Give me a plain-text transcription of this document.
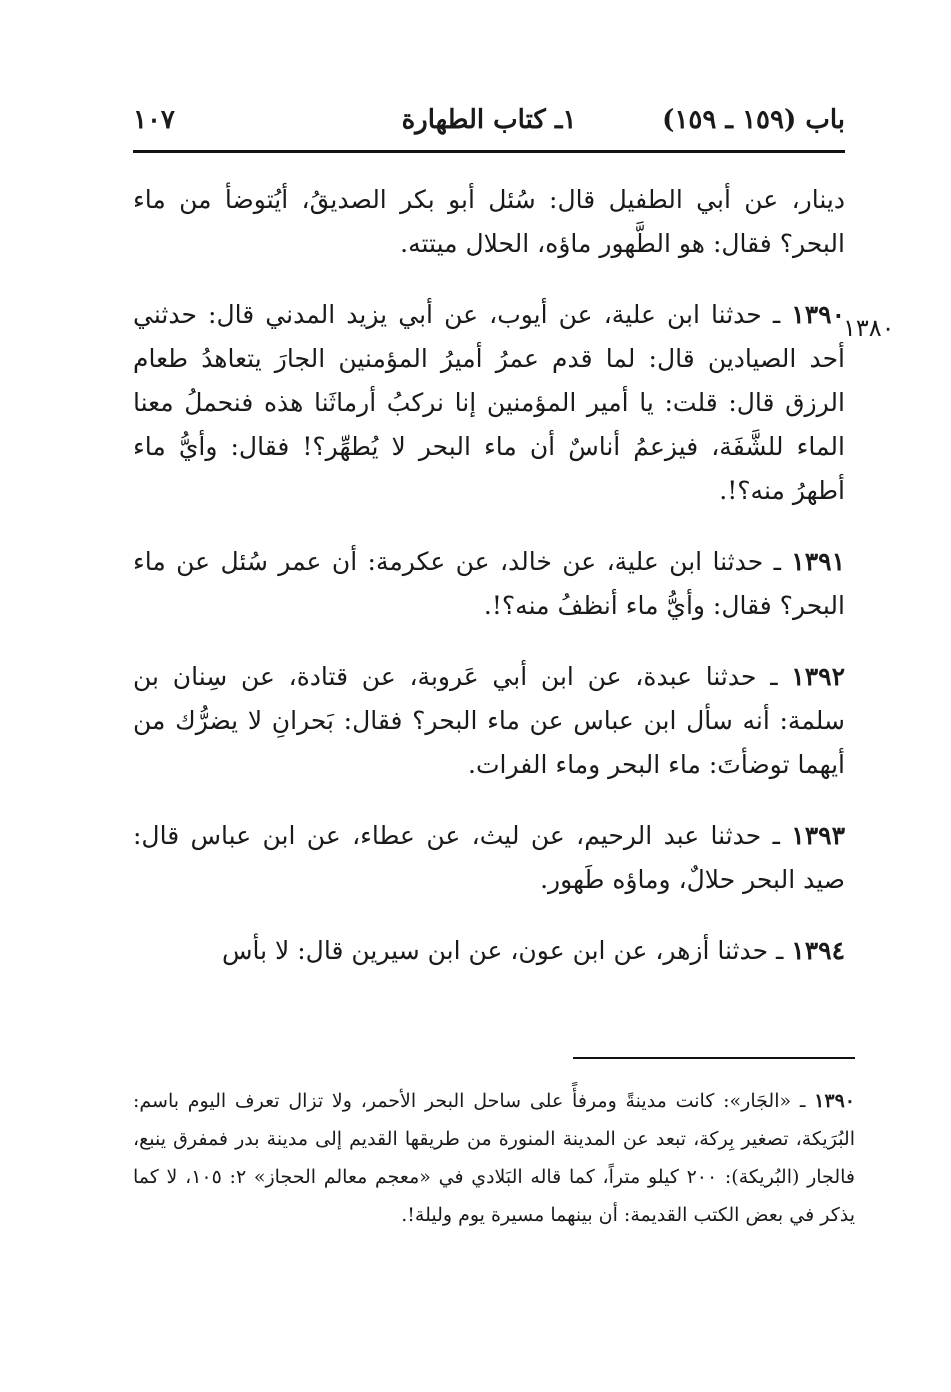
١٠٧	١ـ كتاب الطهارة	باب (١٥٩ ـ ١٥٩)
١٣٨٠
دينار، عن أبي الطفيل قال: سُئل أبو بكر الصديقُ، أيُتوضأ من ماء البحر؟ فقال: هو الطَّهور ماؤه، الحلال ميتته.
١٣٩٠ ـ حدثنا ابن علية، عن أيوب، عن أبي يزيد المدني قال: حدثني أحد الصيادين قال: لما قدم عمرُ أميرُ المؤمنين الجارَ يتعاهدُ طعام الرزق قال: قلت: يا أمير المؤمنين إنا نركبُ أرماثَنا هذه فنحملُ معنا الماء للشَّفَة، فيزعمُ أناسٌ أن ماء البحر لا يُطهِّر؟! فقال: وأيُّ ماء أطهرُ منه؟!.
١٣٩١ ـ حدثنا ابن علية، عن خالد، عن عكرمة: أن عمر سُئل عن ماء البحر؟ فقال: وأيُّ ماء أنظفُ منه؟!.
١٣٩٢ ـ حدثنا عبدة، عن ابن أبي عَروبة، عن قتادة، عن سِنان بن سلمة: أنه سأل ابن عباس عن ماء البحر؟ فقال: بَحرانِ لا يضرُّك من أيهما توضأتَ: ماء البحر وماء الفرات.
١٣٩٣ ـ حدثنا عبد الرحيم، عن ليث، عن عطاء، عن ابن عباس قال: صيد البحر حلالٌ، وماؤه طَهور.
١٣٩٤ ـ حدثنا أزهر، عن ابن عون، عن ابن سيرين قال: لا بأس
١٣٩٠ ـ «الجَار»: كانت مدينةً ومرفأً على ساحل البحر الأحمر، ولا تزال تعرف اليوم باسم: البُرَيكة، تصغير بِركة، تبعد عن المدينة المنورة من طريقها القديم إلى مدينة بدر فمفرق ينبع، فالجار (البُريكة): ٢٠٠ كيلو متراً، كما قاله البَلادي في «معجم معالم الحجاز» ٢: ١٠٥، لا كما يذكر في بعض الكتب القديمة: أن بينهما مسيرة يوم وليلة!.
